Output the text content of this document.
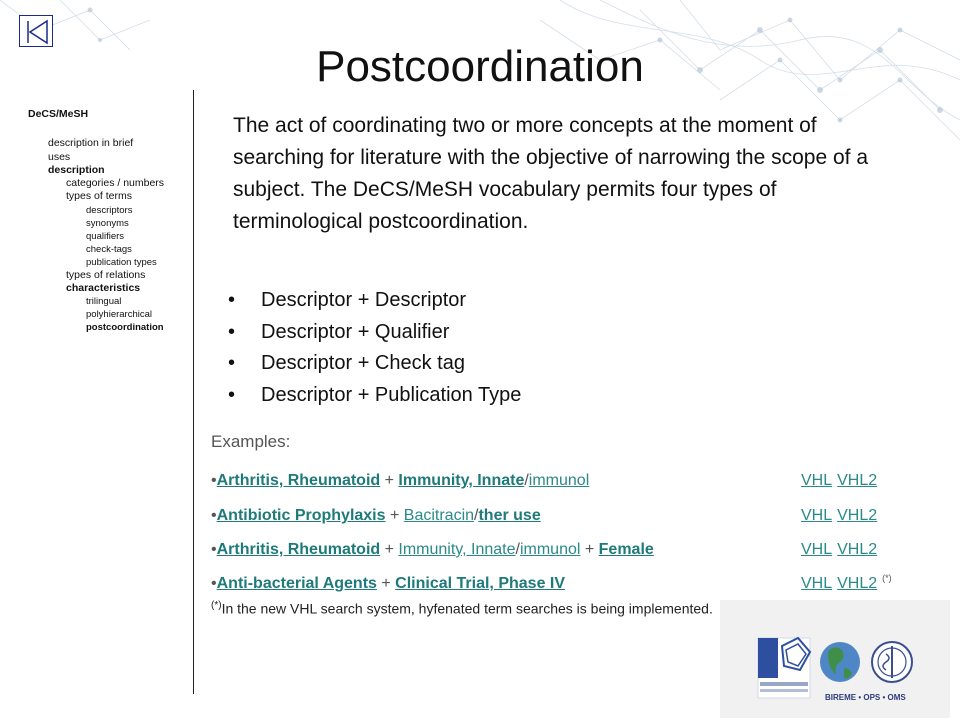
Postcoordination
DeCS/MeSH
description in brief
uses
description
categories / numbers
types of terms
descriptors
synonyms
qualifiers
check-tags
publication types
types of relations
characteristics
trilingual
polyhierarchical
postcoordination
The act of coordinating two or more concepts at the moment of searching for literature with the objective of narrowing the scope of a subject. The DeCS/MeSH vocabulary permits four types of terminological postcoordination.
• Descriptor + Descriptor
• Descriptor + Qualifier
• Descriptor + Check tag
• Descriptor + Publication Type
Examples:
•Arthritis, Rheumatoid + Immunity, Innate/immunol	VHL VHL2
•Antibiotic Prophylaxis + Bacitracin/ther use	VHL VHL2
•Arthritis, Rheumatoid + Immunity, Innate/immunol + Female	VHL VHL2
•Anti-bacterial Agents + Clinical Trial, Phase IV	VHL VHL2 (*)
(*)In the new VHL search system, hyfenated term searches is being implemented.
BIREME • OPS • OMS
